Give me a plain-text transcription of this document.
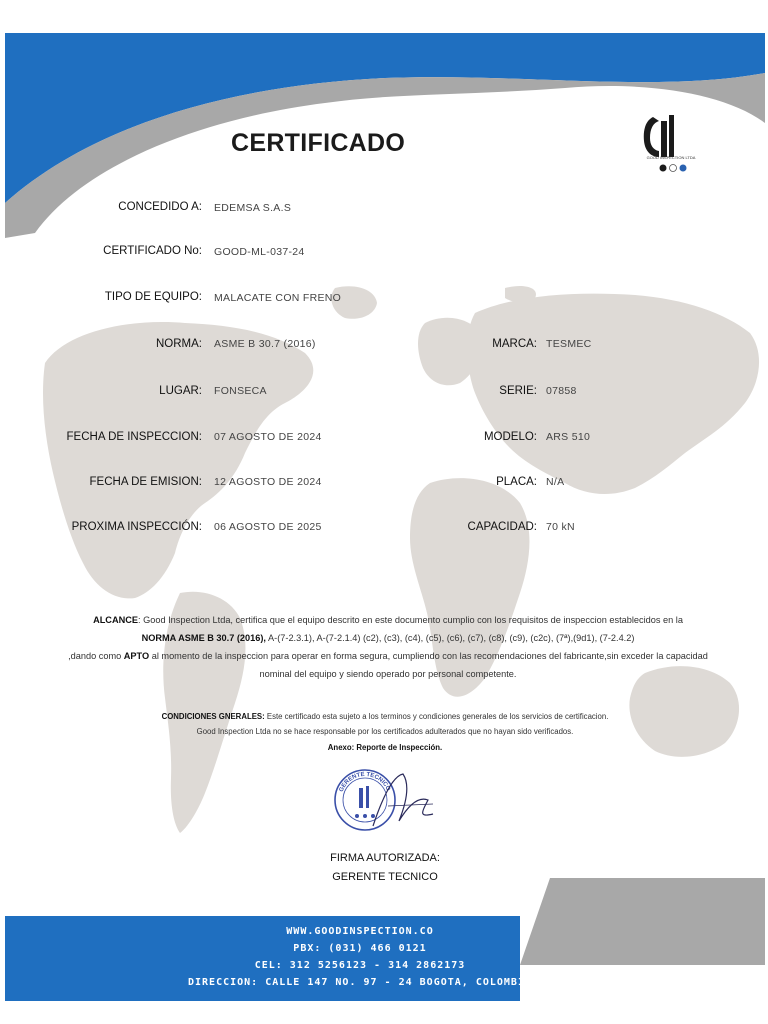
CERTIFICADO
GOOD INSPECTION LTDA
CONCEDIDO A: EDEMSA S.A.S
CERTIFICADO No: GOOD-ML-037-24
TIPO DE EQUIPO: MALACATE CON FRENO
NORMA: ASME B 30.7 (2016)
LUGAR: FONSECA
FECHA DE INSPECCION: 07 AGOSTO DE 2024
FECHA DE EMISION: 12 AGOSTO DE 2024
PROXIMA INSPECCIÓN: 06 AGOSTO DE 2025
MARCA: TESMEC
SERIE: 07858
MODELO: ARS 510
PLACA: N/A
CAPACIDAD: 70 kN
ALCANCE: Good Inspection Ltda, certifica que el equipo descrito en este documento cumplio con los requisitos de inspeccion establecidos en la
NORMA ASME B 30.7 (2016), A-(7-2.3.1), A-(7-2.1.4) (c2), (c3), (c4), (c5), (c6), (c7), (c8), (c9), (c2c), (7ª),(9d1), (7-2.4.2)
,dando como APTO al momento de la inspeccion para operar en forma segura, cumpliendo con las recomendaciones del fabricante,sin exceder la capacidad
nominal del equipo y siendo operado por personal competente.
CONDICIONES GNERALES: Este certificado esta sujeto a los terminos y condiciones generales de los servicios de certificacion.
Good Inspection Ltda no se hace responsable por los certificados adulterados que no hayan sido verificados.
Anexo: Reporte de Inspección.
GERENTE TECNICO
FIRMA AUTORIZADA:
GERENTE TECNICO
WWW.GOODINSPECTION.CO
PBX: (031) 466 0121
CEL: 312 5256123 - 314 2862173
DIRECCION: CALLE 147 NO. 97 - 24 BOGOTA, COLOMBIA
